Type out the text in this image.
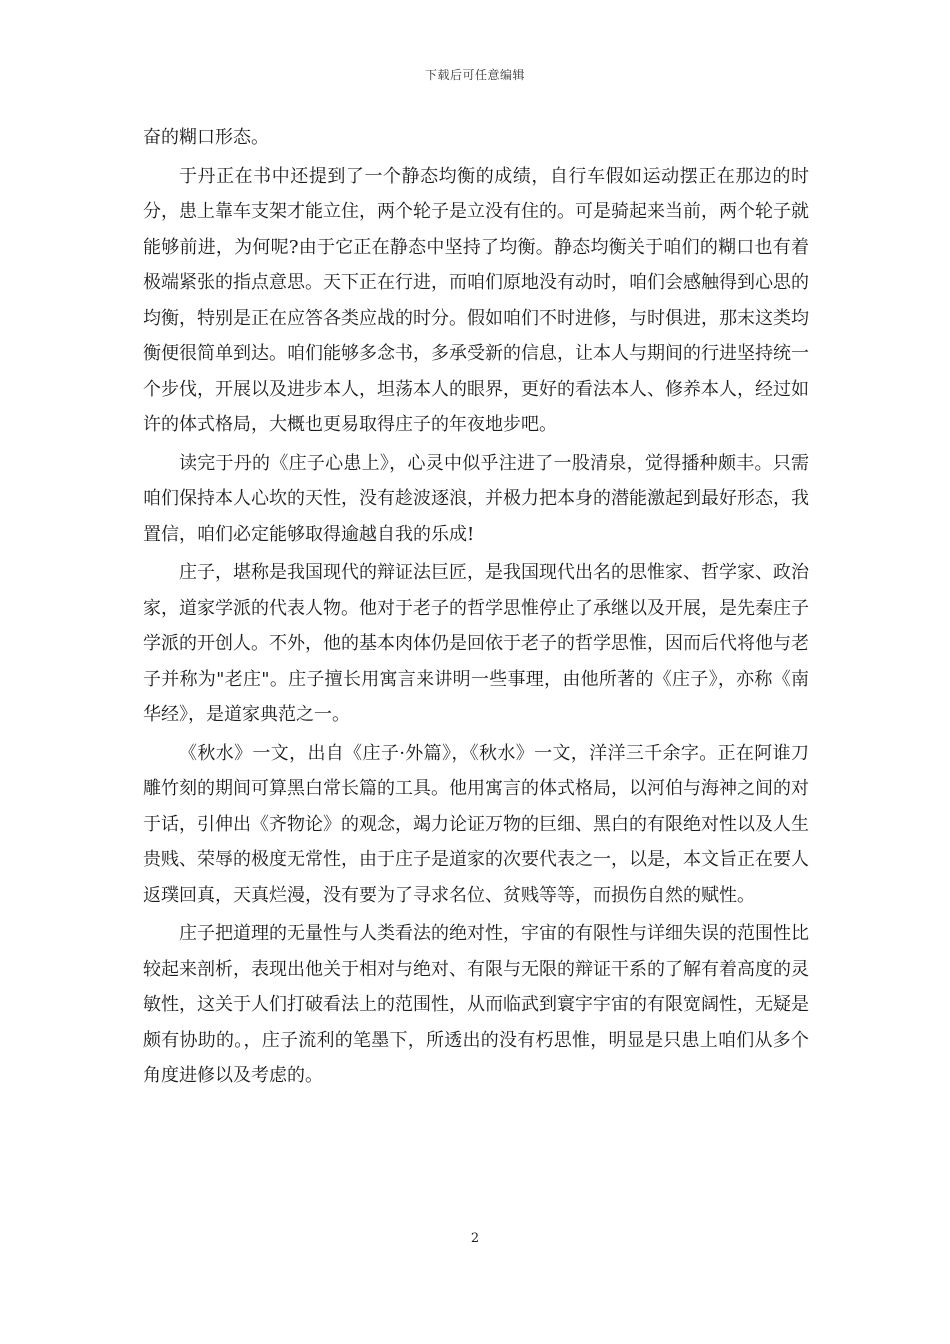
下载后可任意编辑

奋的糊口形态。

于丹正在书中还提到了一个静态均衡的成绩，自行车假如运动摆正在那边的时分，患上靠车支架才能立住，两个轮子是立没有住的。可是骑起来当前，两个轮子就能够前进，为何呢?由于它正在静态中坚持了均衡。静态均衡关于咱们的糊口也有着极端紧张的指点意思。天下正在行进，而咱们原地没有动时，咱们会感触得到心思的均衡，特别是正在应答各类应战的时分。假如咱们不时进修，与时俱进，那末这类均衡便很简单到达。咱们能够多念书，多承受新的信息，让本人与期间的行进坚持统一个步伐，开展以及进步本人，坦荡本人的眼界，更好的看法本人、修养本人，经过如许的体式格局，大概也更易取得庄子的年夜地步吧。

读完于丹的《庄子心患上》，心灵中似乎注进了一股清泉，觉得播种颇丰。只需咱们保持本人心坎的天性，没有趁波逐浪，并极力把本身的潜能激起到最好形态，我置信，咱们必定能够取得逾越自我的乐成!

庄子，堪称是我国现代的辩证法巨匠，是我国现代出名的思惟家、哲学家、政治家，道家学派的代表人物。他对于老子的哲学思惟停止了承继以及开展，是先秦庄子学派的开创人。不外，他的基本肉体仍是回依于老子的哲学思惟，因而后代将他与老子并称为"老庄"。庄子擅长用寓言来讲明一些事理，由他所著的《庄子》，亦称《南华经》，是道家典范之一。

《秋水》一文，出自《庄子·外篇》，《秋水》一文，洋洋三千余字。正在阿谁刀雕竹刻的期间可算黑白常长篇的工具。他用寓言的体式格局，以河伯与海神之间的对于话，引伸出《齐物论》的观念，竭力论证万物的巨细、黑白的有限绝对性以及人生贵贱、荣辱的极度无常性，由于庄子是道家的次要代表之一，以是，本文旨正在要人返璞回真，天真烂漫，没有要为了寻求名位、贫贱等等，而损伤自然的赋性。

庄子把道理的无量性与人类看法的绝对性，宇宙的有限性与详细失误的范围性比较起来剖析，表现出他关于相对与绝对、有限与无限的辩证干系的了解有着高度的灵敏性，这关于人们打破看法上的范围性，从而临武到寰宇宇宙的有限宽阔性，无疑是颇有协助的。，庄子流利的笔墨下，所透出的没有朽思惟，明显是只患上咱们从多个角度进修以及考虑的。

2
